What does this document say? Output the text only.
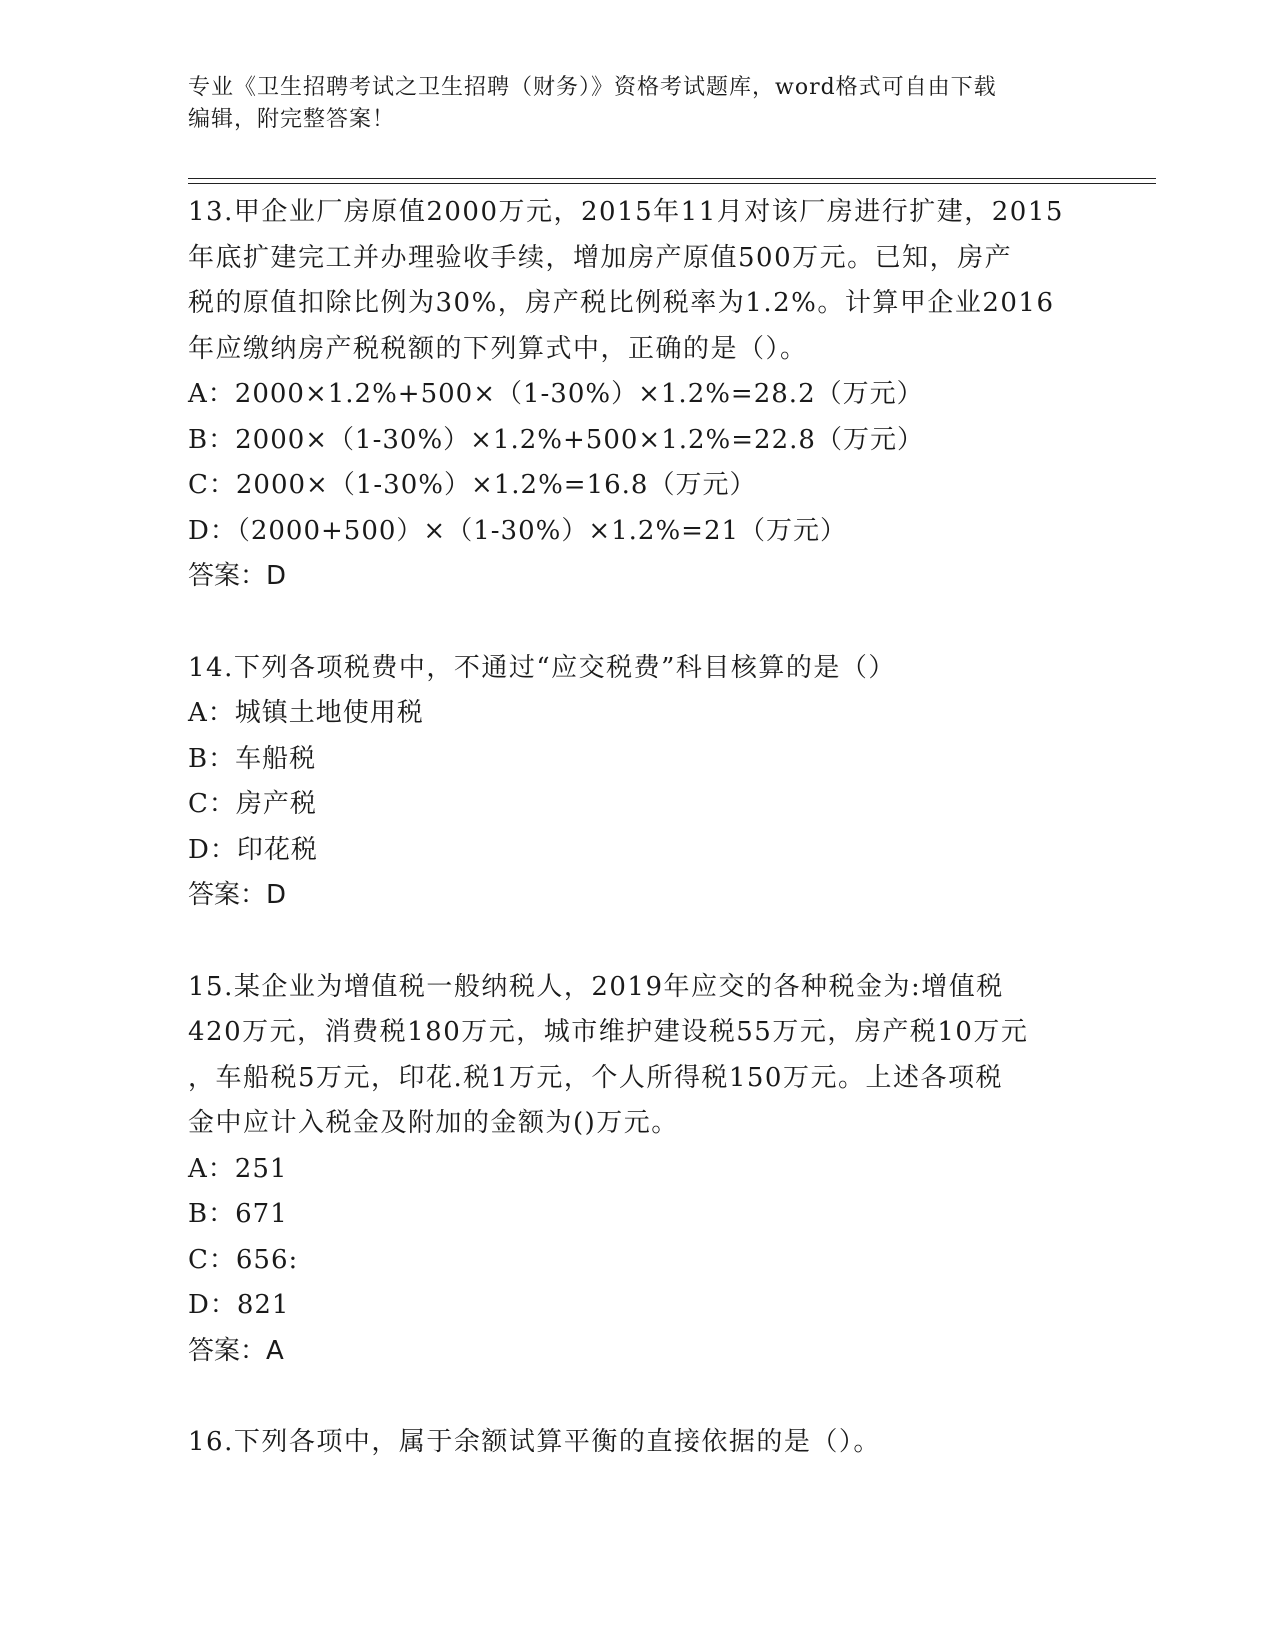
专业《卫生招聘考试之卫生招聘（财务）》资格考试题库，word格式可自由下载
编辑，附完整答案！
13.甲企业厂房原值2000万元，2015年11月对该厂房进行扩建，2015
年底扩建完工并办理验收手续，增加房产原值500万元。已知，房产
税的原值扣除比例为30%，房产税比例税率为1.2%。计算甲企业2016
年应缴纳房产税税额的下列算式中，正确的是（）。
A：2000×1.2%+500×（1-30%）×1.2%=28.2（万元）
B：2000×（1-30%）×1.2%+500×1.2%=22.8（万元）
C：2000×（1-30%）×1.2%=16.8（万元）
D：（2000+500）×（1-30%）×1.2%=21（万元）
答案：D
14.下列各项税费中，不通过“应交税费”科目核算的是（）
A：城镇土地使用税
B：车船税
C：房产税
D：印花税
答案：D
15.某企业为增值税一般纳税人，2019年应交的各种税金为:增值税
420万元，消费税180万元，城市维护建设税55万元，房产税10万元
，车船税5万元，印花.税1万元，个人所得税150万元。上述各项税
金中应计入税金及附加的金额为()万元。
A：251
B：671
C：656:
D：821
答案：A
16.下列各项中，属于余额试算平衡的直接依据的是（）。
